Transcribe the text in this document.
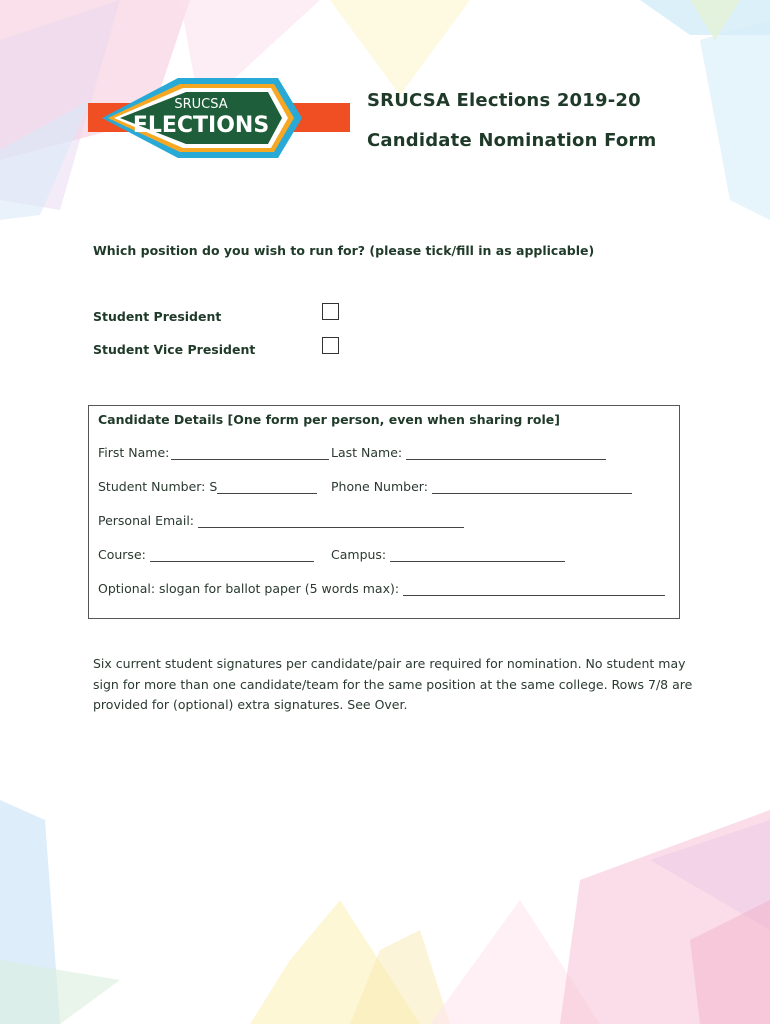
SRUCSA
ELECTIONS
SRUCSA Elections 2019-20
Candidate Nomination Form
Which position do you wish to run for? (please tick/fill in as applicable)
Student President
Student Vice President
Candidate Details [One form per person, even when sharing role]
First Name:	Last Name:
Student Number: S	Phone Number:
Personal Email:
Course:	Campus:
Optional: slogan for ballot paper (5 words max):
Six current student signatures per candidate/pair are required for nomination. No student may sign for more than one candidate/team for the same position at the same college. Rows 7/8 are provided for (optional) extra signatures. See Over.
